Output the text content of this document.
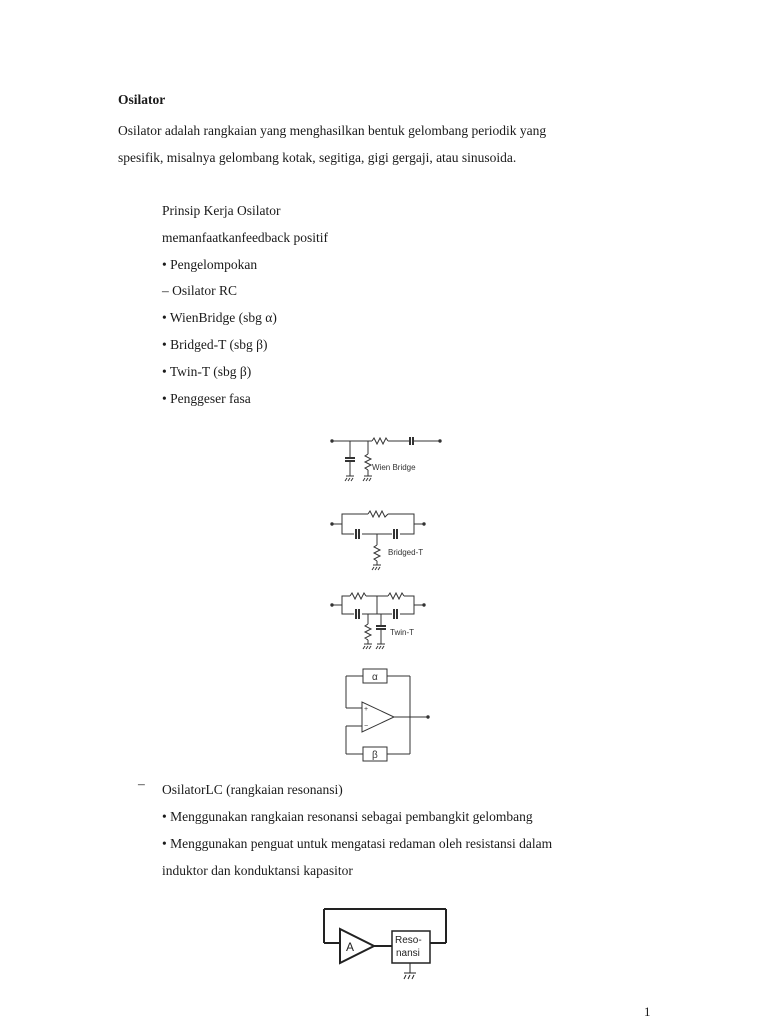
Osilator
Osilator adalah rangkaian yang menghasilkan bentuk gelombang periodik yang
spesifik, misalnya gelombang kotak, segitiga, gigi gergaji, atau sinusoida.
Prinsip Kerja Osilator
memanfaatkanfeedback positif
• Pengelompokan
– Osilator RC
• WienBridge (sbg α)
• Bridged-T (sbg β)
• Twin-T (sbg β)
• Penggeser fasa
Wien Bridge
Bridged-T
Twin-T
α
+
−
β
– OsilatorLC (rangkaian resonansi)
• Menggunakan rangkaian resonansi sebagai pembangkit gelombang
• Menggunakan penguat untuk mengatasi redaman oleh resistansi dalam
induktor dan konduktansi kapasitor
A	Reso-
nansi
1
